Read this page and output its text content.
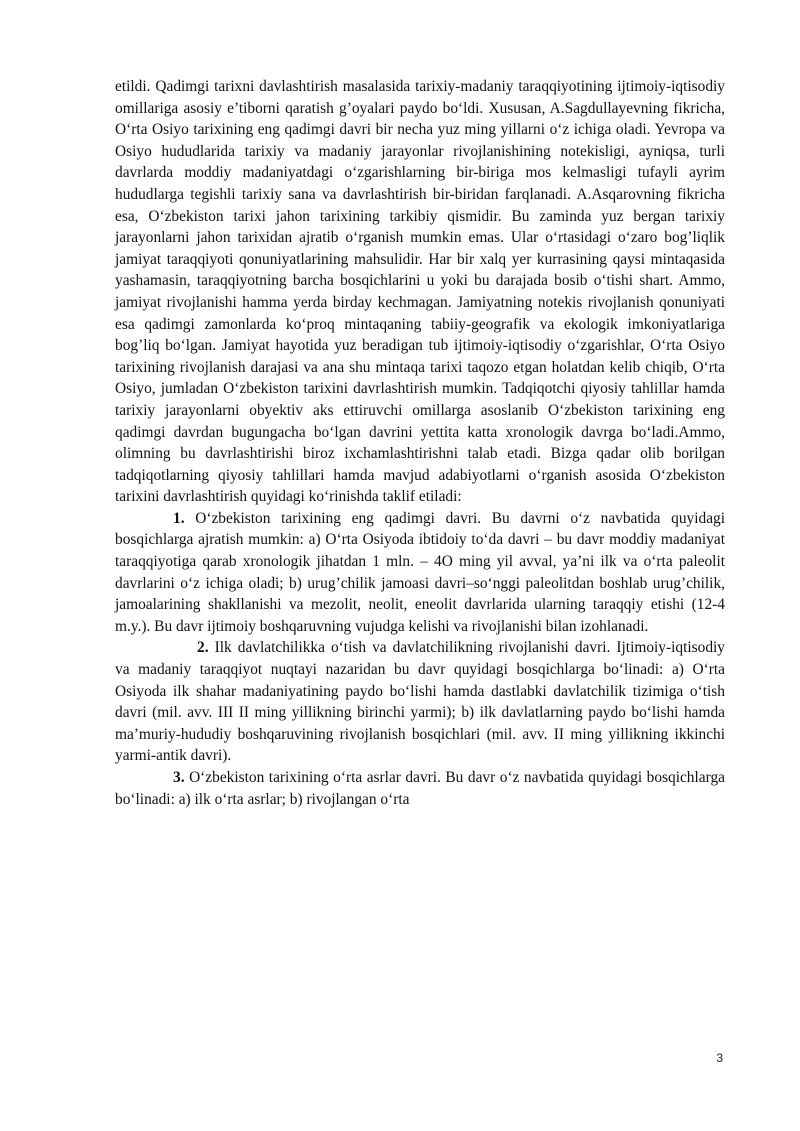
etildi. Qadimgi tarixni davlashtirish masalasida tarixiy-madaniy taraqqiyotining ijtimoiy-iqtisodiy omillariga asosiy e’tiborni qaratish g’oyalari paydo bo‘ldi. Xususan, A.Sagdullayevning fikricha, O‘rta Osiyo tarixining eng qadimgi davri bir necha yuz ming yillarni o‘z ichiga oladi. Yevropa va Osiyo hududlarida tarixiy va madaniy jarayonlar rivojlanishining notekisligi, ayniqsa, turli davrlarda moddiy madaniyatdagi o‘zgarishlarning bir-biriga mos kelmasligi tufayli ayrim hududlarga tegishli tarixiy sana va davrlashtirish bir-biridan farqlanadi. A.Asqarovning fikricha esa, O‘zbekiston tarixi jahon tarixining tarkibiy qismidir. Bu zaminda yuz bergan tarixiy jarayonlarni jahon tarixidan ajratib o‘rganish mumkin emas. Ular o‘rtasidagi o‘zaro bog’liqlik jamiyat taraqqiyoti qonuniyatlarining mahsulidir. Har bir xalq yer kurrasining qaysi mintaqasida yashamasin, taraqqiyotning barcha bosqichlarini u yoki bu darajada bosib o‘tishi shart. Ammo, jamiyat rivojlanishi hamma yerda birday kechmagan. Jamiyatning notekis rivojlanish qonuniyati esa qadimgi zamonlarda ko‘proq mintaqaning tabiiy-geografik va ekologik imkoniyatlariga bog’liq bo‘lgan. Jamiyat hayotida yuz beradigan tub ijtimoiy-iqtisodiy o‘zgarishlar, O‘rta Osiyo tarixining rivojlanish darajasi va ana shu mintaqa tarixi taqozo etgan holatdan kelib chiqib, O‘rta Osiyo, jumladan O‘zbekiston tarixini davrlashtirish mumkin. Tadqiqotchi qiyosiy tahlillar hamda tarixiy jarayonlarni obyektiv aks ettiruvchi omillarga asoslanib O‘zbekiston tarixining eng qadimgi davrdan bugungacha bo‘lgan davrini yettita katta xronologik davrga bo‘ladi.Ammo, olimning bu davrlashtirishi biroz ixchamlashtirishni talab etadi. Bizga qadar olib borilgan tadqiqotlarning qiyosiy tahlillari hamda mavjud adabiyotlarni o‘rganish asosida O‘zbekiston tarixini davrlashtirish quyidagi ko‘rinishda taklif etiladi:

1. O‘zbekiston tarixining eng qadimgi davri. Bu davrni o‘z navbatida quyidagi bosqichlarga ajratish mumkin: a) O‘rta Osiyoda ibtidoiy to‘da davri – bu davr moddiy madaniyat taraqqiyotiga qarab xronologik jihatdan 1 mln. – 4O ming yil avval, ya’ni ilk va o‘rta paleolit davrlarini o‘z ichiga oladi; b) urug’chilik jamoasi davri–so‘nggi paleolitdan boshlab urug’chilik, jamoalarining shakllanishi va mezolit, neolit, eneolit davrlarida ularning taraqqiy etishi (12-4 m.y.). Bu davr ijtimoiy boshqaruvning vujudga kelishi va rivojlanishi bilan izohlanadi.

2. Ilk davlatchilikka o‘tish va davlatchilikning rivojlanishi davri. Ijtimoiy-iqtisodiy va madaniy taraqqiyot nuqtayi nazaridan bu davr quyidagi bosqichlarga bo‘linadi: a) O‘rta Osiyoda ilk shahar madaniyatining paydo bo‘lishi hamda dastlabki davlatchilik tizimiga o‘tish davri (mil. avv. III II ming yillikning birinchi yarmi); b) ilk davlatlarning paydo bo‘lishi hamda ma’muriy-hududiy boshqaruvining rivojlanish bosqichlari (mil. avv. II ming yillikning ikkinchi yarmi-antik davri).

3. O‘zbekiston tarixining o‘rta asrlar davri. Bu davr o‘z navbatida quyidagi bosqichlarga bo‘linadi: a) ilk o‘rta asrlar; b) rivojlangan o‘rta

3
